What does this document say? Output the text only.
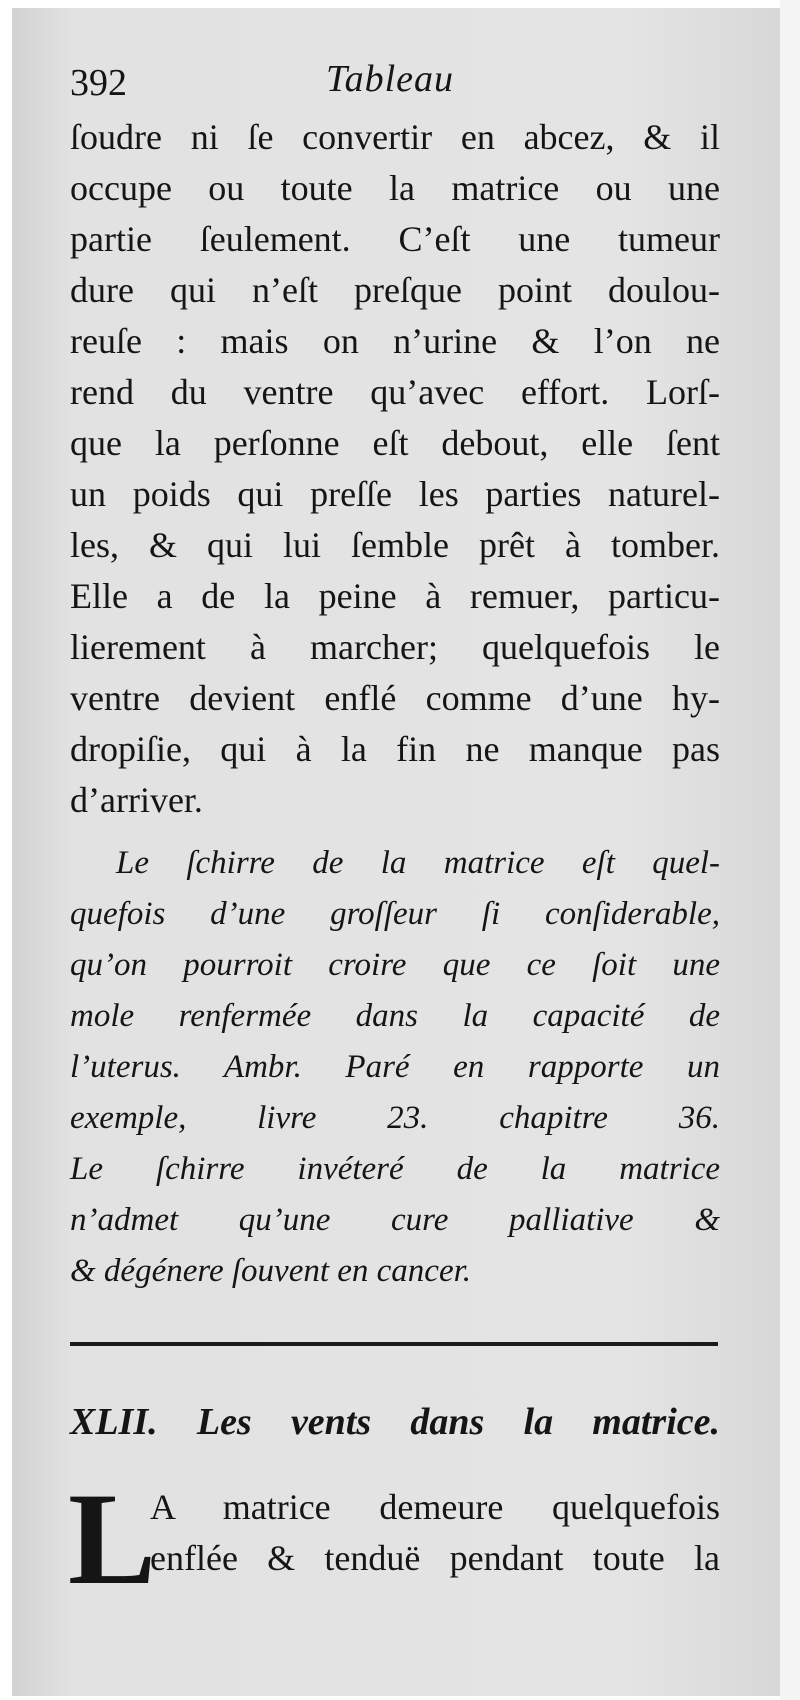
392	Tableau
ſoudre ni ſe convertir en abcez, & il
occupe ou toute la matrice ou une
partie ſeulement. C’eſt une tumeur
dure qui n’eſt preſque point doulou-
reuſe : mais on n’urine & l’on ne
rend du ventre qu’avec effort. Lorſ-
que la perſonne eſt debout, elle ſent
un poids qui preſſe les parties naturel-
les, & qui lui ſemble prêt à tomber.
Elle a de la peine à remuer, particu-
lierement à marcher; quelquefois le
ventre devient enflé comme d’une hy-
dropiſie, qui à la fin ne manque pas
d’arriver.
Le ſchirre de la matrice eſt quel-
quefois d’une groſſeur ſi conſiderable,
qu’on pourroit croire que ce ſoit une
mole renfermée dans la capacité de
l’uterus. Ambr. Paré en rapporte un
exemple, livre 23. chapitre 36.
Le ſchirre invéteré de la matrice
n’admet qu’une cure palliative &
& dégénere ſouvent en cancer.
XLII. Les vents dans la matrice.
L
A matrice demeure quelquefois
enflée & tenduë pendant toute la
